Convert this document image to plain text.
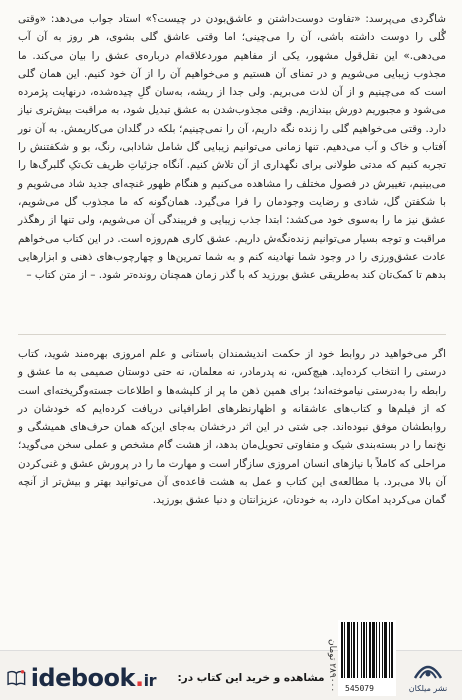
شاگردی می‌پرسد: «تفاوت دوست‌داشتن و عاشق‌بودن در چیست؟» استاد جواب می‌دهد: «وقتی گُلی را دوست داشته باشی، آن را می‌چینی؛ اما وقتی عاشق گلی بشوی، هر روز به آن آب می‌دهی.» این نقل‌قول مشهور، یکی از مفاهیم موردعلاقه‌ام درباره‌ی عشق را بیان می‌کند. ما مجذوب زیبایی می‌شویم و در تمنای آن هستیم و می‌خواهیم آن را از آن خود کنیم. این همان گلی است که می‌چینیم و از آن لذت می‌بریم. ولی جدا از ریشه، به‌سان گلِ چیده‌شده، درنهایت پژمرده می‌شود و مجبوریم دورش بیندازیم. وقتی مجذوب‌شدن به عشق تبدیل شود، به مراقبت بیش‌تری نیاز دارد. وقتی می‌خواهیم گلی را زنده نگه داریم، آن را نمی‌چینیم؛ بلکه در گلدان می‌کاریمش. به آن نور آفتاب و خاک و آب می‌دهیم. تنها زمانی می‌توانیم زیبایی گل شامل شادابی، رنگ، بو و شکفتنش را تجربه کنیم که مدتی طولانی برای نگهداری از آن تلاش کنیم. آنگاه جزئیاتِ ظریف تک‌تکِ گلبرگ‌ها را می‌بینیم، تغییرش در فصول مختلف را مشاهده می‌کنیم و هنگام ظهور غنچه‌ای جدید شاد می‌شویم و با شکفتن گل، شادی و رضایت وجودمان را فرا می‌گیرد. همان‌گونه که ما مجذوب گل می‌شویم، عشق نیز ما را به‌سوی خود می‌کشد: ابتدا جذب زیبایی و فریبندگی آن می‌شویم، ولی تنها از رهگذر مراقبت و توجه بسیار می‌توانیم زنده‌نگه‌ش داریم. عشق کاری هم‌روزه است. در این کتاب می‌خواهم عادت عشق‌ورزی را در وجود شما نهادینه کنم و به شما تمرین‌ها و چهارچوب‌های ذهنی و ابزارهایی بدهم تا کمک‌تان کند به‌طریقی عشق بورزید که با گذر زمان همچنان رونده‌تر شود. – از متن کتاب –

اگر می‌خواهید در روابط خود از حکمت اندیشمندان باستانی و علم امروزی بهره‌مند شوید، کتاب درستی را انتخاب کرده‌اید. هیچ‌کس، نه پدرمادر، نه معلمان، نه حتی دوستان صمیمی به ما عشق و رابطه را به‌درستی نیاموخته‌اند؛ برای همین ذهن ما پر از کلیشه‌ها و اطلاعات جسته‌وگریخته‌ای است که از فیلم‌ها و کتاب‌های عاشقانه و اظهارنظرهای اطرافیانی دریافت کرده‌ایم که خودشان در روابطشان موفق نبوده‌اند. جی‌ شتی در این اثر درخشان به‌جای این‌که همان حرف‌های همیشگی و نخ‌نما را در بسته‌بندی شیک و متفاوتی تحویل‌مان بدهد، از هشت گام مشخص و عملی سخن می‌گوید؛ مراحلی که کاملاً با نیازهای انسان امروزی سازگار است و مهارت ما را در پرورش عشق و غنی‌کردن آن بالا می‌برد. با مطالعه‌ی این کتاب و عمل به هشت قاعده‌ی آن می‌توانید بهتر و بیش‌تر از آنچه گمان می‌کردید امکان دارد، به خودتان، عزیزانتان و دنیا عشق بورزید.

idebook.ir	مشاهده و خرید این کتاب در:
۲۸۹۰۰۰ تومان 545079	نشر میلکان
